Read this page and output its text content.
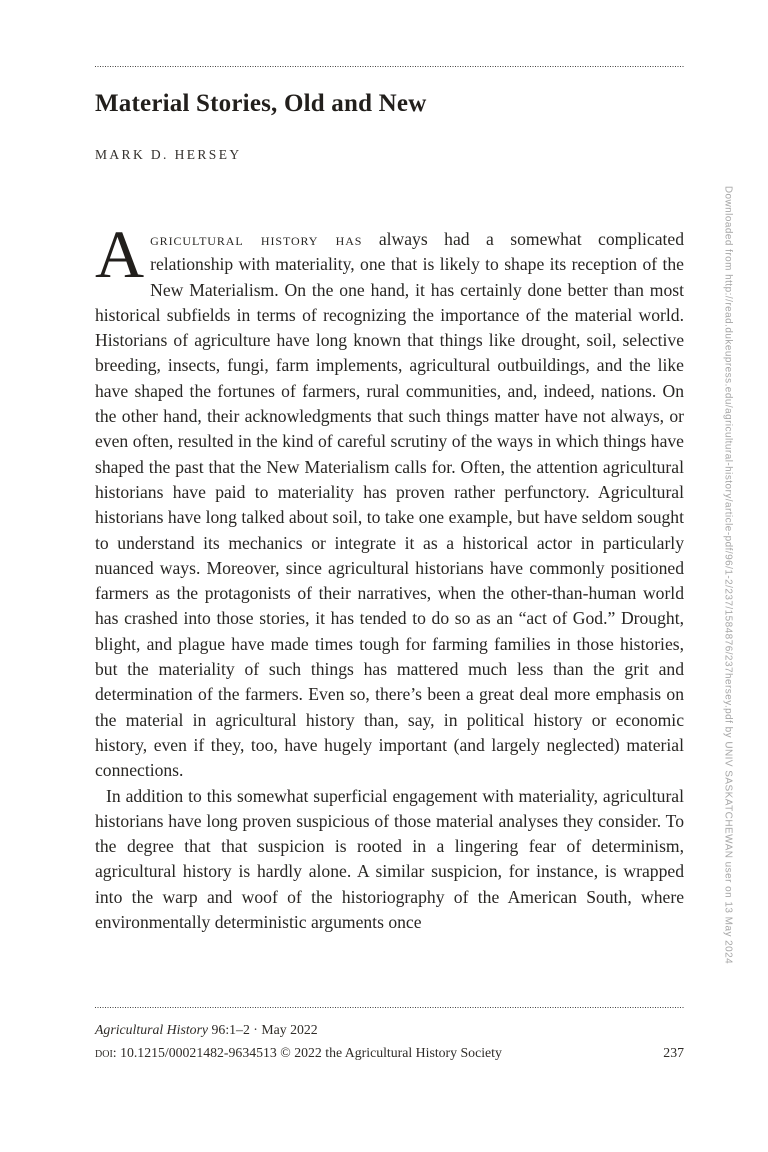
Material Stories, Old and New
MARK D. HERSEY

Agricultural history has always had a somewhat complicated relationship with materiality, one that is likely to shape its reception of the New Materialism. On the one hand, it has certainly done better than most historical subfields in terms of recognizing the importance of the material world. Historians of agriculture have long known that things like drought, soil, selective breeding, insects, fungi, farm implements, agricultural outbuildings, and the like have shaped the fortunes of farmers, rural communities, and, indeed, nations. On the other hand, their acknowledgments that such things matter have not always, or even often, resulted in the kind of careful scrutiny of the ways in which things have shaped the past that the New Materialism calls for. Often, the attention agricultural historians have paid to materiality has proven rather perfunctory. Agricultural historians have long talked about soil, to take one example, but have seldom sought to understand its mechanics or integrate it as a historical actor in particularly nuanced ways. Moreover, since agricultural historians have commonly positioned farmers as the protagonists of their narratives, when the other-than-human world has crashed into those stories, it has tended to do so as an “act of God.” Drought, blight, and plague have made times tough for farming families in those histories, but the materiality of such things has mattered much less than the grit and determination of the farmers. Even so, there’s been a great deal more emphasis on the material in agricultural history than, say, in political history or economic history, even if they, too, have hugely important (and largely neglected) material connections.

In addition to this somewhat superficial engagement with materiality, agricultural historians have long proven suspicious of those material analyses they consider. To the degree that that suspicion is rooted in a lingering fear of determinism, agricultural history is hardly alone. A similar suspicion, for instance, is wrapped into the warp and woof of the historiography of the American South, where environmentally deterministic arguments once

Agricultural History 96:1–2 · May 2022
doi: 10.1215/00021482-9634513 © 2022 the Agricultural History Society	237
Downloaded from http://read.dukeupress.edu/agricultural-history/article-pdf/96/1-2/237/1584876/237hersey.pdf by UNIV SASKATCHEWAN user on 13 May 2024
